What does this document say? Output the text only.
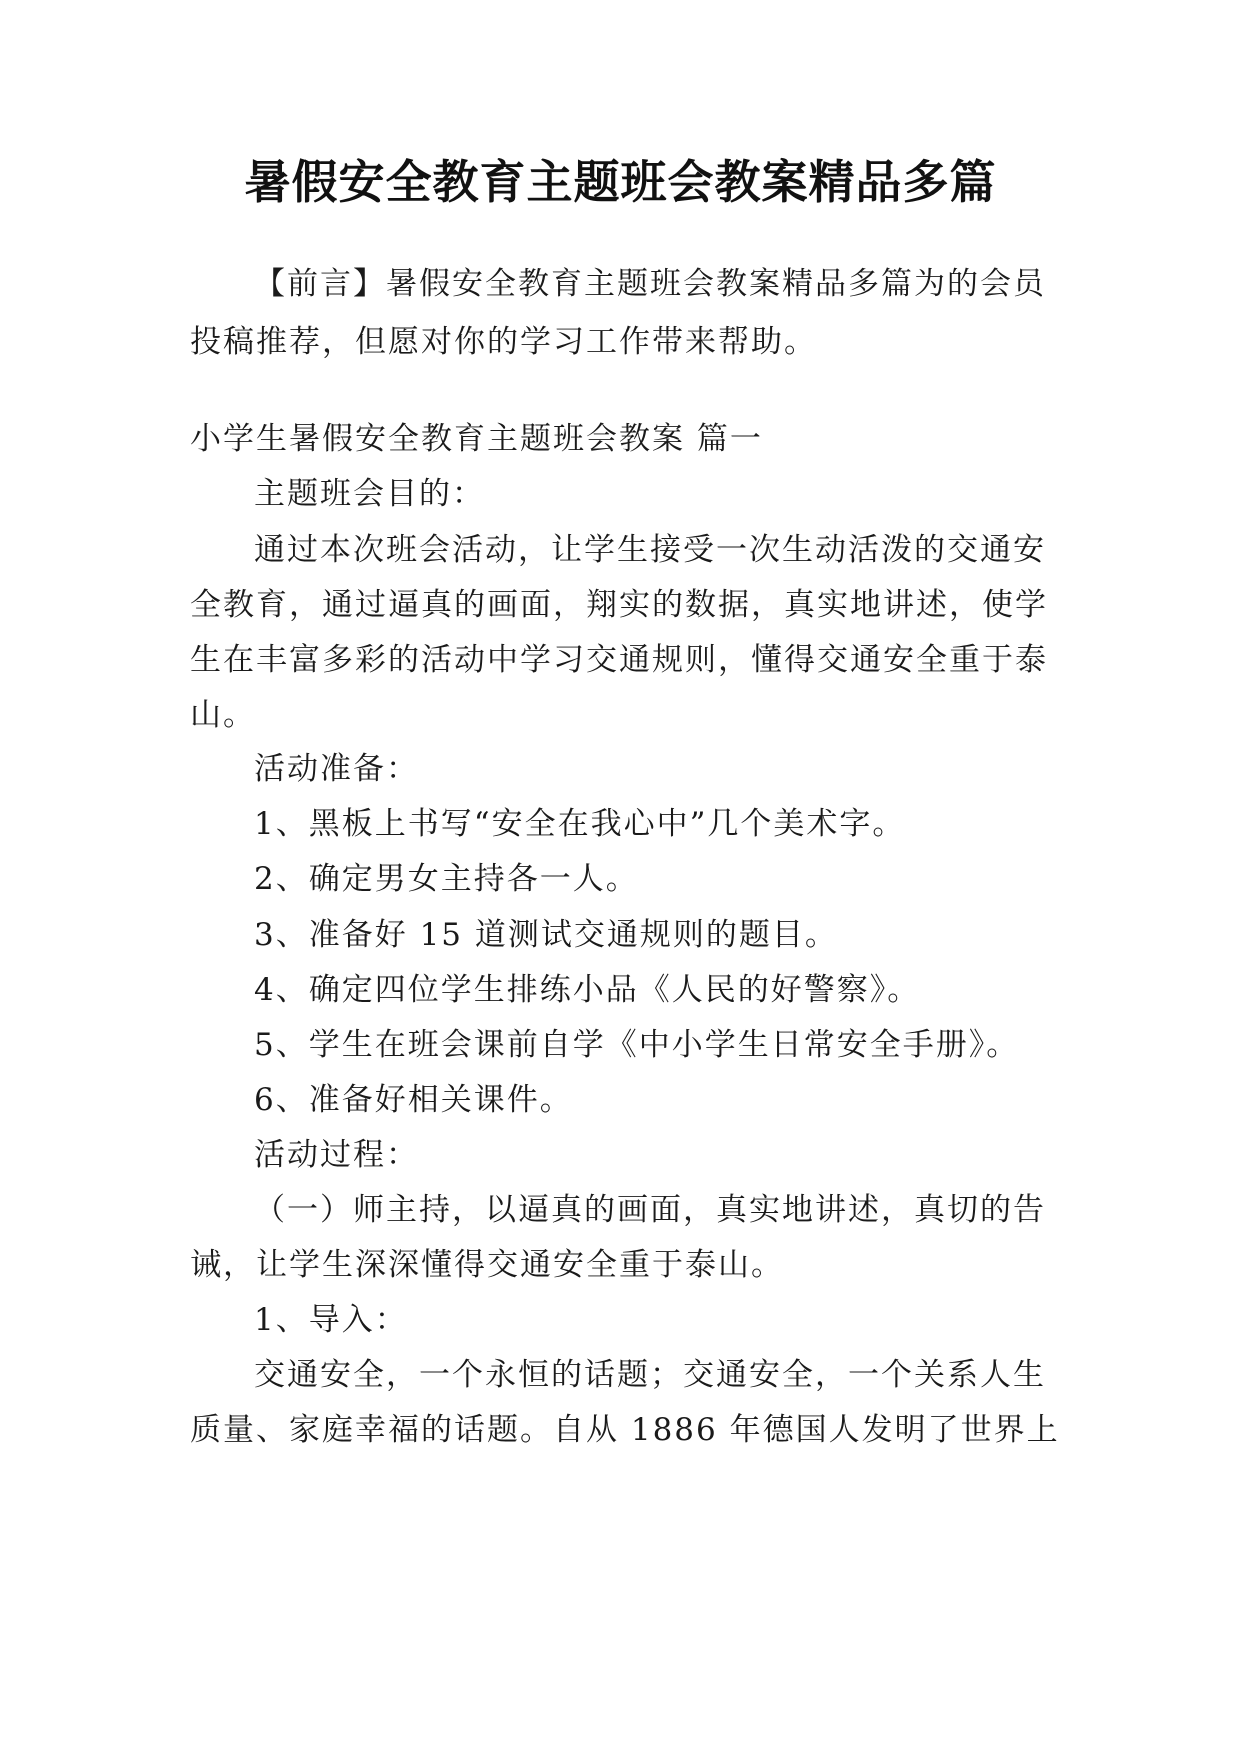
暑假安全教育主题班会教案精品多篇

【前言】暑假安全教育主题班会教案精品多篇为的会员

投稿推荐，但愿对你的学习工作带来帮助。

小学生暑假安全教育主题班会教案 篇一

主题班会目的：

通过本次班会活动，让学生接受一次生动活泼的交通安

全教育，通过逼真的画面，翔实的数据，真实地讲述，使学

生在丰富多彩的活动中学习交通规则，懂得交通安全重于泰

山。

活动准备：

1、黑板上书写“安全在我心中”几个美术字。

2、确定男女主持各一人。

3、准备好 15 道测试交通规则的题目。

4、确定四位学生排练小品《人民的好警察》。

5、学生在班会课前自学《中小学生日常安全手册》。

6、准备好相关课件。

活动过程：

（一）师主持，以逼真的画面，真实地讲述，真切的告

诫，让学生深深懂得交通安全重于泰山。

1、导入：

交通安全，一个永恒的话题；交通安全，一个关系人生

质量、家庭幸福的话题。自从 1886 年德国人发明了世界上
